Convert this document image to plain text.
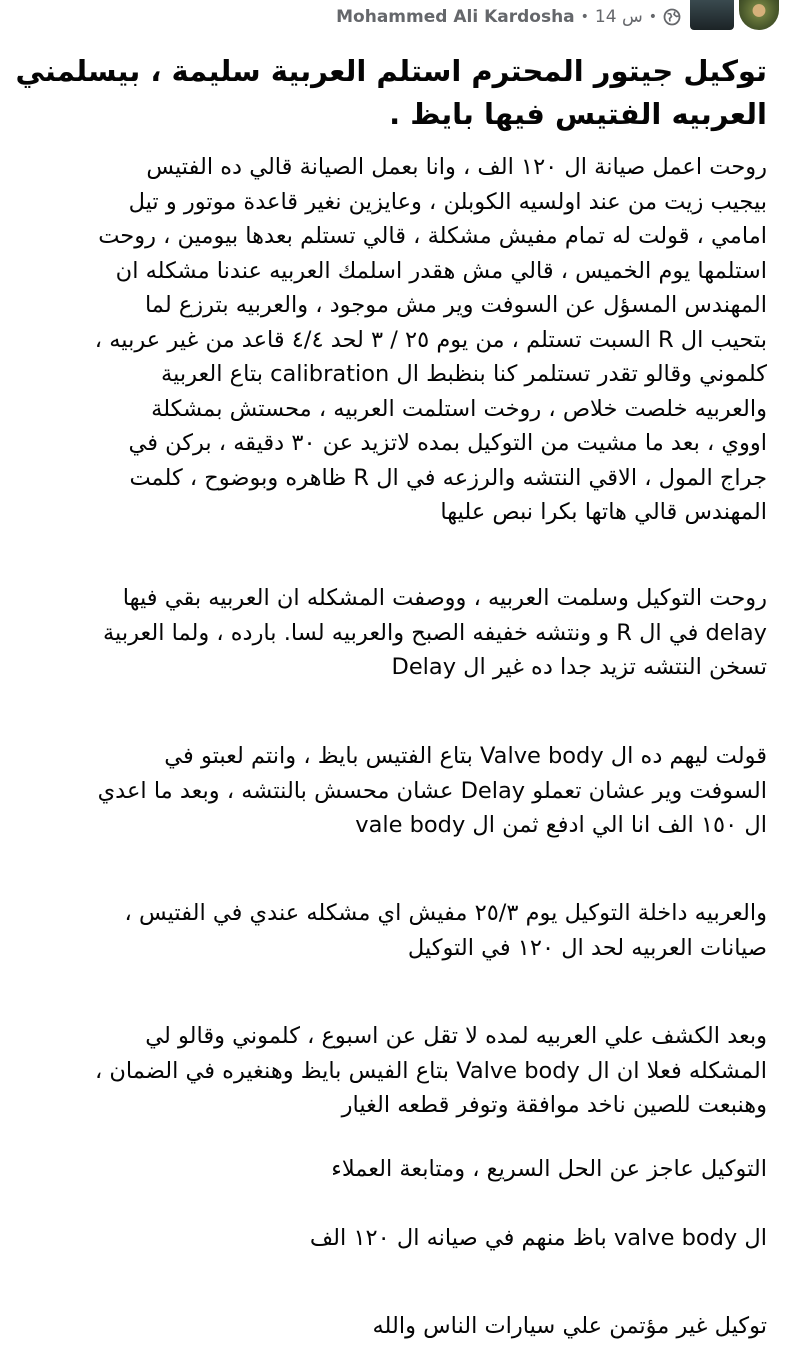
Mohammed Ali Kardosha • 14 س •
توكيل جيتور المحترم استلم العربية سليمة ، بيسلمني
العربيه الفتيس فيها بايظ .
روحت اعمل صيانة ال ١٢٠ الف ، وانا بعمل الصيانة قالي ده الفتيس
بيجيب زيت من عند اولسيه الكوبلن ، وعايزين نغير قاعدة موتور و تيل
امامي ، قولت له تمام مفيش مشكلة ، قالي تستلم بعدها بيومين ، روحت
استلمها يوم الخميس ، قالي مش هقدر اسلمك العربيه عندنا مشكله ان
المهندس المسؤل عن السوفت وير مش موجود ، والعربيه بترزع لما
بتحيب ال R السبت تستلم ، من يوم ٢٥ / ٣ لحد ٤/٤ قاعد من غير عربيه ،
كلموني وقالو تقدر تستلمر كنا بنظبط ال calibration بتاع العربية
والعربيه خلصت خلاص ، روخت استلمت العربيه ، محستش بمشكلة
اووي ، بعد ما مشيت من التوكيل بمده لاتزيد عن ٣٠ دقيقه ، بركن في
جراج المول ، الاقي النتشه والرزعه في ال R ظاهره وبوضوح ، كلمت
المهندس قالي هاتها بكرا نبص عليها
روحت التوكيل وسلمت العربيه ، ووصفت المشكله ان العربيه بقي فيها
delay في ال R و ونتشه خفيفه الصبح والعربيه لسا. بارده ، ولما العربية
تسخن النتشه تزيد جدا ده غير ال Delay
قولت ليهم ده ال Valve body بتاع الفتيس بايظ ، وانتم لعبتو في
السوفت وير عشان تعملو Delay عشان محسش بالنتشه ، وبعد ما اعدي
ال ١٥٠ الف انا الي ادفع ثمن ال vale body
والعربيه داخلة التوكيل يوم ٢٥/٣ مفيش اي مشكله عندي في الفتيس ،
صيانات العربيه لحد ال ١٢٠ في التوكيل
وبعد الكشف علي العربيه لمده لا تقل عن اسبوع ، كلموني وقالو لي
المشكله فعلا ان ال Valve body بتاع الفيس بايظ وهنغيره في الضمان ،
وهنبعت للصين ناخد موافقة وتوفر قطعه الغيار
التوكيل عاجز عن الحل السريع ، ومتابعة العملاء
ال valve body باظ منهم في صيانه ال ١٢٠ الف
توكيل غير مؤتمن علي سيارات الناس والله
